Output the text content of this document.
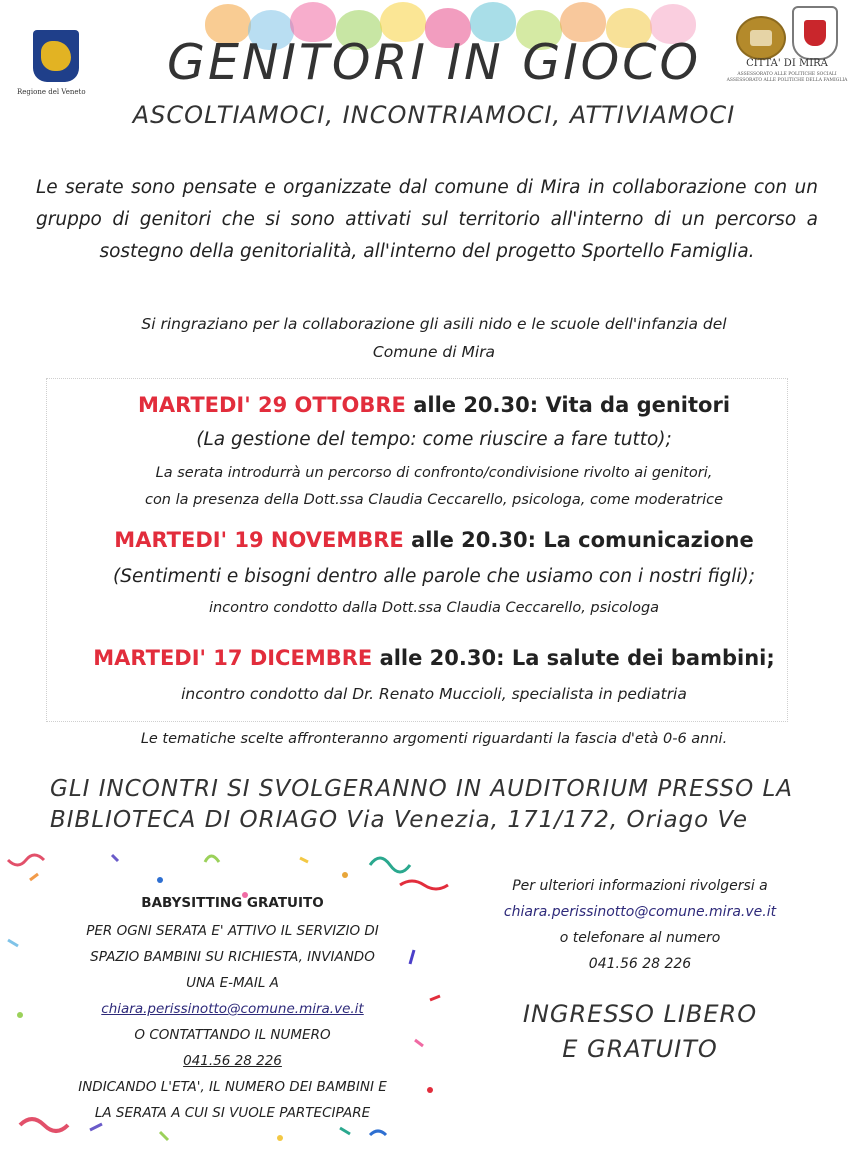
Regione del Veneto
CITTA' DI MIRA
ASSESSORATO ALLE POLITICHE SOCIALI ASSESSORATO ALLE POLITICHE DELLA FAMIGLIA
GENITORI IN GIOCO
ASCOLTIAMOCI, INCONTRIAMOCI, ATTIVIAMOCI
Le serate sono pensate e organizzate dal comune di Mira in collaborazione con un gruppo di genitori che si sono attivati sul territorio all'interno di un percorso a sostegno della genitorialità, all'interno del progetto Sportello Famiglia.
Si ringraziano per la collaborazione gli asili nido e le scuole dell'infanzia del
Comune di Mira
MARTEDI' 29 OTTOBRE alle 20.30: Vita da genitori
(La gestione del tempo: come riuscire a fare tutto);
La serata introdurrà un percorso di confronto/condivisione rivolto ai genitori,
con la presenza della Dott.ssa Claudia Ceccarello, psicologa, come moderatrice
MARTEDI' 19 NOVEMBRE alle 20.30: La comunicazione
(Sentimenti e bisogni dentro alle parole che usiamo con i nostri figli);
incontro condotto dalla Dott.ssa Claudia Ceccarello, psicologa
MARTEDI' 17 DICEMBRE alle 20.30: La salute dei bambini;
incontro condotto dal Dr. Renato Muccioli, specialista in pediatria
Le tematiche scelte affronteranno argomenti riguardanti la fascia d'età 0-6 anni.
GLI INCONTRI SI SVOLGERANNO IN AUDITORIUM PRESSO LA
BIBLIOTECA DI ORIAGO Via Venezia, 171/172, Oriago Ve
BABYSITTING GRATUITO
PER OGNI SERATA E' ATTIVO IL SERVIZIO DI
SPAZIO BAMBINI SU RICHIESTA, INVIANDO
UNA E-MAIL A
chiara.perissinotto@comune.mira.ve.it
O CONTATTANDO IL NUMERO
041.56 28 226
INDICANDO L'ETA', IL NUMERO DEI BAMBINI E
LA SERATA A CUI SI VUOLE PARTECIPARE
Per ulteriori informazioni rivolgersi a
chiara.perissinotto@comune.mira.ve.it
o telefonare al numero
041.56 28 226
INGRESSO LIBERO
E GRATUITO
